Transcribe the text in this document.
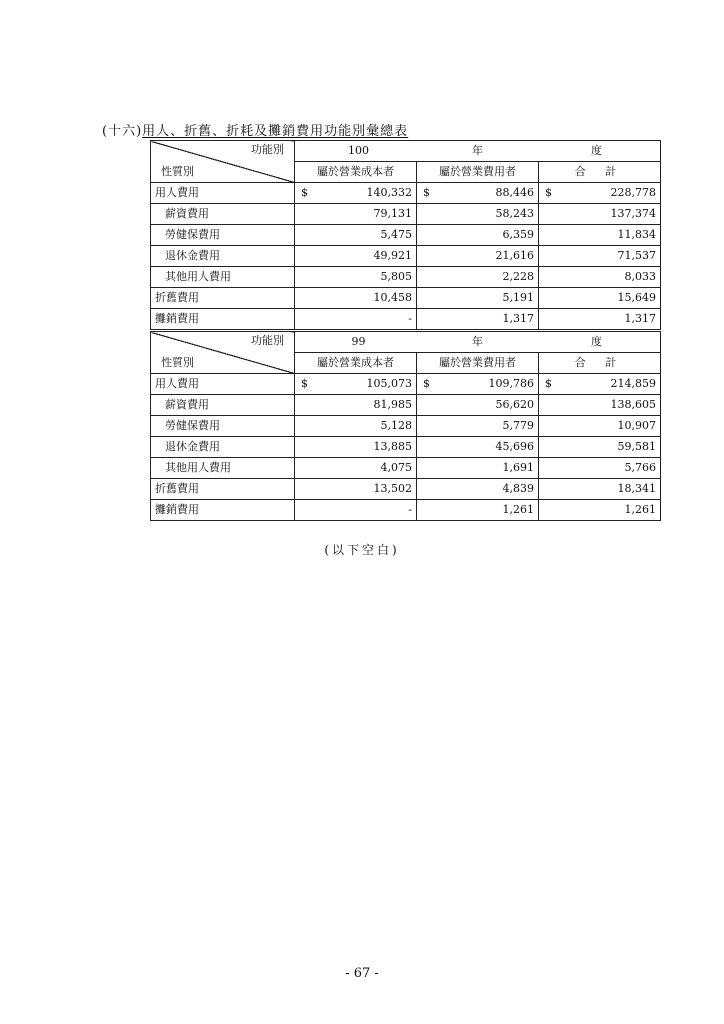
(十六)用人、折舊、折耗及攤銷費用功能別彙總表
功能別
性質別	100 年 度		

	屬於營業成本者	屬於營業費用者	合 計
用人費用	$ 140,332	$ 88,446	$ 228,778
薪資費用	79,131	58,243	137,374
勞健保費用	5,475	6,359	11,834
退休金費用	49,921	21,616	71,537
其他用人費用	5,805	2,228	8,033
折舊費用	10,458	5,191	15,649
攤銷費用	-	1,317	1,317
功能別
性質別	99 年 度		

	屬於營業成本者	屬於營業費用者	合 計
用人費用	$ 105,073	$ 109,786	$ 214,859
薪資費用	81,985	56,620	138,605
勞健保費用	5,128	5,779	10,907
退休金費用	13,885	45,696	59,581
其他用人費用	4,075	1,691	5,766
折舊費用	13,502	4,839	18,341
攤銷費用	-	1,261	1,261
(以下空白)
- 67 -
